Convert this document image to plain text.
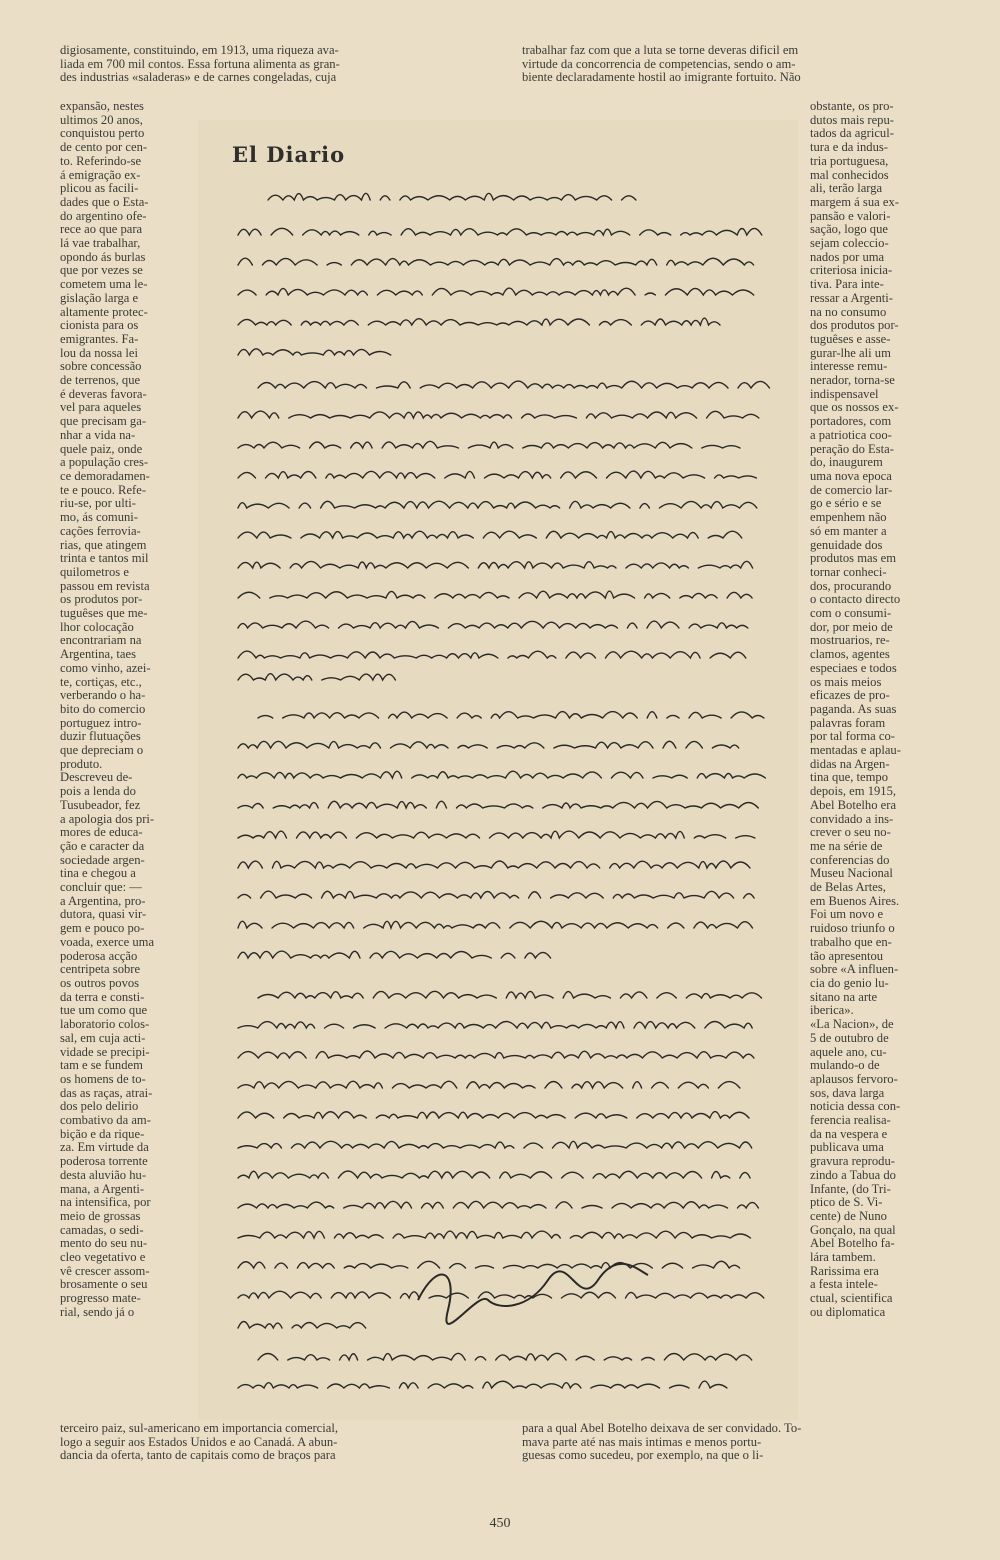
digiosamente, constituindo, em 1913, uma riqueza ava-
liada em 700 mil contos. Essa fortuna alimenta as gran-
des industrias «saladeras» e de carnes congeladas, cuja

expansão, nestes
ultimos 20 anos,
conquistou perto
de cento por cen-
to. Referindo-se
á emigração ex-
plicou as facili-
dades que o Esta-
do argentino ofe-
rece ao que para
lá vae trabalhar,
opondo ás burlas
que por vezes se
cometem uma le-
gislação larga e
altamente protec-
cionista para os
emigrantes. Fa-
lou da nossa lei
sobre concessão
de terrenos, que
é deveras favora-
vel para aqueles
que precisam ga-
nhar a vida na-
quele paiz, onde
a população cres-
ce demoradamen-
te e pouco. Refe-
riu-se, por ulti-
mo, ás comuni-
cações ferrovia-
rias, que atingem
trinta e tantos mil
quilometros e
passou em revista
os produtos por-
tuguêses que me-
lhor colocação
encontrariam na
Argentina, taes
como vinho, azei-
te, cortiças, etc.,
verberando o ha-
bito do comercio
portuguez intro-
duzir flutuações
que depreciam o
produto.
Descreveu de-
pois a lenda do
Tusubeador, fez
a apologia dos pri-
mores de educa-
ção e caracter da
sociedade argen-
tina e chegou a
concluir que: —
a Argentina, pro-
dutora, quasi vir-
gem e pouco po-
voada, exerce uma
poderosa acção
centripeta sobre
os outros povos
da terra e consti-
tue um como que
laboratorio colos-
sal, em cuja acti-
vidade se precipi-
tam e se fundem
os homens de to-
das as raças, atrai-
dos pelo delirio
combativo da am-
bição e da rique-
za. Em virtude da
poderosa torrente
desta aluvião hu-
mana, a Argenti-
na intensifica, por
meio de grossas
camadas, o sedi-
mento do seu nu-
cleo vegetativo e
vê crescer assom-
brosamente o seu
progresso mate-
rial, sendo já o

trabalhar faz com que a luta se torne deveras dificil em
virtude da concorrencia de competencias, sendo o am-
biente declaradamente hostil ao imigrante fortuito. Não

obstante, os pro-
dutos mais repu-
tados da agricul-
tura e da indus-
tria portuguesa,
mal conhecidos
ali, terão larga
margem á sua ex-
pansão e valori-
sação, logo que
sejam coleccio-
nados por uma
criteriosa inicia-
tiva. Para inte-
ressar a Argenti-
na no consumo
dos produtos por-
tuguêses e asse-
gurar-lhe ali um
interesse remu-
nerador, torna-se
indispensavel
que os nossos ex-
portadores, com
a patriotica coo-
peração do Esta-
do, inaugurem
uma nova epoca
de comercio lar-
go e sério e se
empenhem não
só em manter a
genuidade dos
produtos mas em
tornar conheci-
dos, procurando
o contacto directo
com o consumi-
dor, por meio de
mostruarios, re-
clamos, agentes
especiaes e todos
os mais meios
eficazes de pro-
paganda. As suas
palavras foram
por tal forma co-
mentadas e aplau-
didas na Argen-
tina que, tempo
depois, em 1915,
Abel Botelho era
convidado a ins-
crever o seu no-
me na série de
conferencias do
Museu Nacional
de Belas Artes,
em Buenos Aires.
Foi um novo e
ruidoso triunfo o
trabalho que en-
tão apresentou
sobre «A influen-
cia do genio lu-
sitano na arte
iberica».
«La Nacion», de
5 de outubro de
aquele ano, cu-
mulando-o de
aplausos fervoro-
sos, dava larga
noticia dessa con-
ferencia realisa-
da na vespera e
publicava uma
gravura reprodu-
zindo a Tabua do
Infante, (do Tri-
ptico de S. Vi-
cente) de Nuno
Gonçalo, na qual
Abel Botelho fa-
lára tambem.
Rarissima era
a festa intele-
ctual, scientifica
ou diplomatica

terceiro paiz, sul-americano em importancia comercial,
logo a seguir aos Estados Unidos e ao Canadá. A abun-
dancia da oferta, tanto de capitais como de braços para

para a qual Abel Botelho deixava de ser convidado. To-
mava parte até nas mais intimas e menos portu-
guesas como sucedeu, por exemplo, na que o li-

El Diario
450
